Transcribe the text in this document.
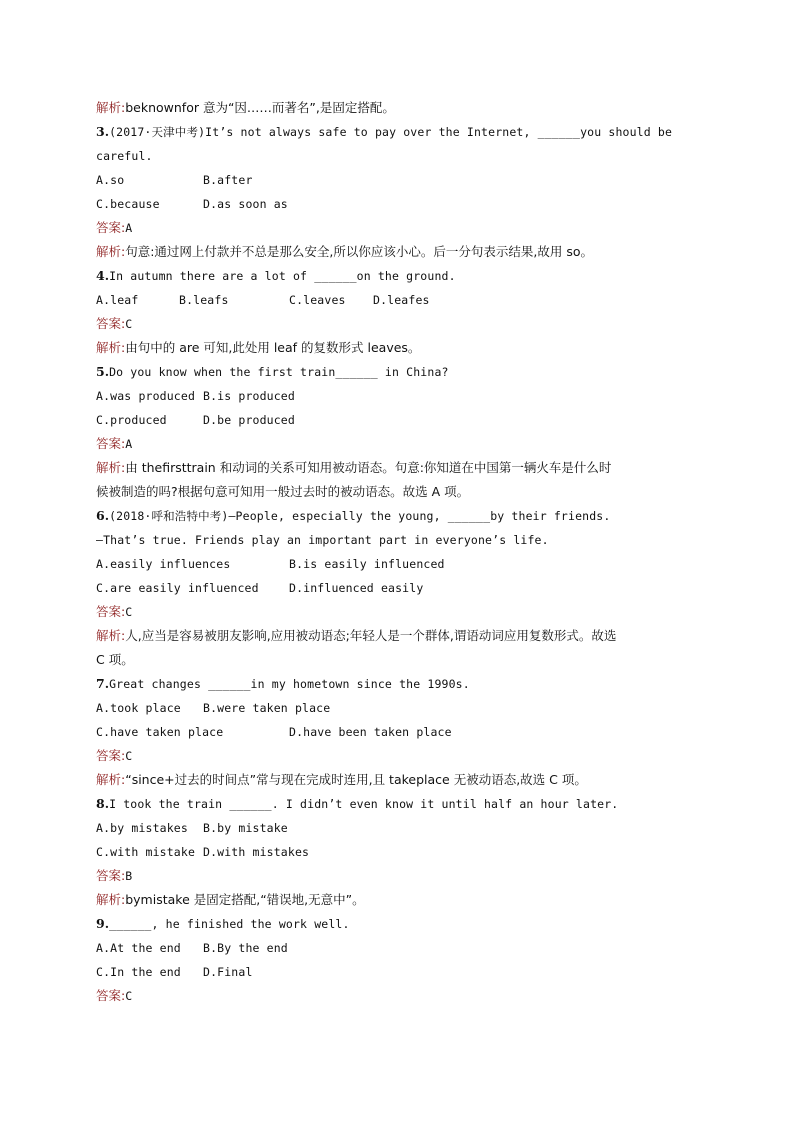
解析:beknownfor 意为“因……而著名”,是固定搭配。
3.(2017·天津中考)It’s not always safe to pay over the Internet, ______you should be
careful.
A.so	B.after
C.because	D.as soon as
答案:A
解析:句意:通过网上付款并不总是那么安全,所以你应该小心。后一分句表示结果,故用 so。
4.In autumn there are a lot of ______on the ground.
A.leaf	B.leafs	C.leaves D.leafes
答案:C
解析:由句中的 are 可知,此处用 leaf 的复数形式 leaves。
5.Do you know when the first train______ in China?
A.was produced B.is produced
C.produced	D.be produced
答案:A
解析:由 thefirsttrain 和动词的关系可知用被动语态。句意:你知道在中国第一辆火车是什么时
候被制造的吗?根据句意可知用一般过去时的被动语态。故选 A 项。
6.(2018·呼和浩特中考)—People, especially the young, ______by their friends.
—That’s true. Friends play an important part in everyone’s life.
A.easily influences	B.is easily influenced
C.are easily influenced	D.influenced easily
答案:C
解析:人,应当是容易被朋友影响,应用被动语态;年轻人是一个群体,谓语动词应用复数形式。故选
C 项。
7.Great changes ______in my hometown since the 1990s.
A.took place B.were taken place
C.have taken place	D.have been taken place
答案:C
解析:“since+过去的时间点”常与现在完成时连用,且 takeplace 无被动语态,故选 C 项。
8.I took the train ______. I didn’t even know it until half an hour later.
A.by mistakes B.by mistake
C.with mistake D.with mistakes
答案:B
解析:bymistake 是固定搭配,“错误地,无意中”。
9.______, he finished the work well.
A.At the end B.By the end
C.In the end D.Final
答案:C
